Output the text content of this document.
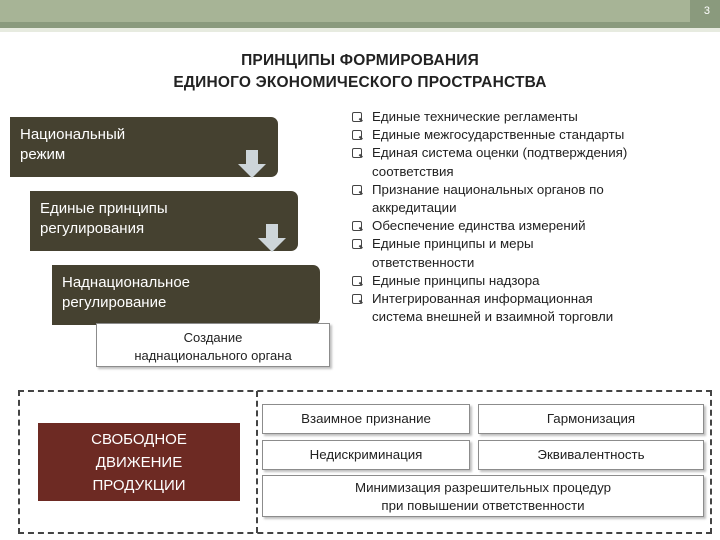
3
ПРИНЦИПЫ ФОРМИРОВАНИЯ
ЕДИНОГО ЭКОНОМИЧЕСКОГО ПРОСТРАНСТВА
Национальный
режим
Единые принципы
регулирования
Наднациональное
регулирование
Создание
наднационального органа
Единые технические регламенты
Единые межгосударственные стандарты
Единая система оценки (подтверждения)
соответствия
Признание национальных органов по
аккредитации
Обеспечение единства измерений
Единые принципы и меры
ответственности
Единые принципы надзора
Интегрированная информационная
система внешней и взаимной торговли
СВОБОДНОЕ
ДВИЖЕНИЕ
ПРОДУКЦИИ
Взаимное признание	Гармонизация
Недискриминация	Эквивалентность
Минимизация разрешительных процедур
при повышении ответственности
